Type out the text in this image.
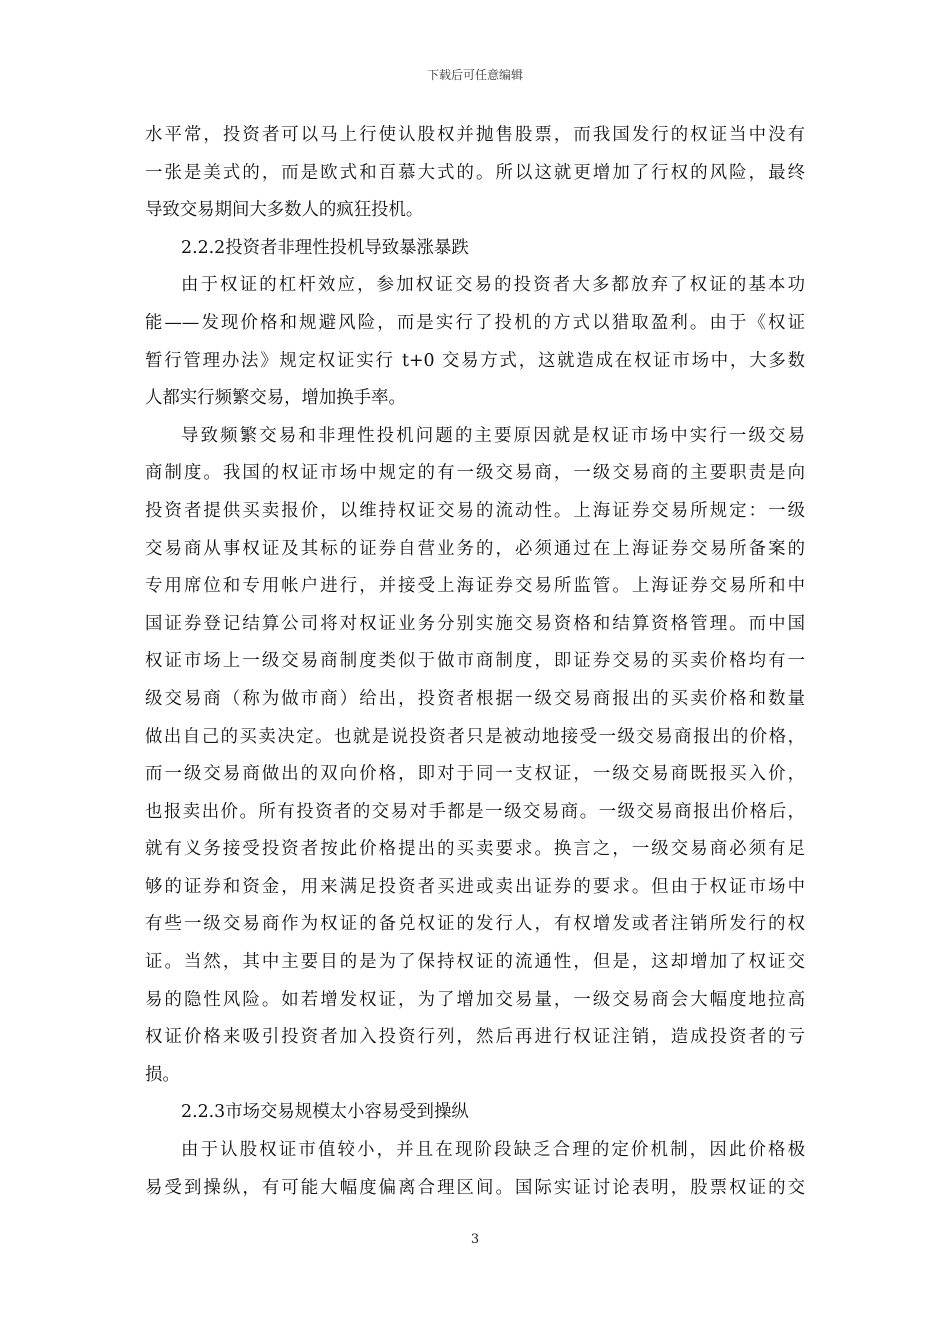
下载后可任意编辑
水平常，投资者可以马上行使认股权并抛售股票，而我国发行的权证当中没有
一张是美式的，而是欧式和百慕大式的。所以这就更增加了行权的风险，最终
导致交易期间大多数人的疯狂投机。
2.2.2投资者非理性投机导致暴涨暴跌
由于权证的杠杆效应，参加权证交易的投资者大多都放弃了权证的基本功
能——发现价格和规避风险，而是实行了投机的方式以猎取盈利。由于《权证
暂行管理办法》规定权证实行 t+0 交易方式，这就造成在权证市场中，大多数
人都实行频繁交易，增加换手率。
导致频繁交易和非理性投机问题的主要原因就是权证市场中实行一级交易
商制度。我国的权证市场中规定的有一级交易商，一级交易商的主要职责是向
投资者提供买卖报价，以维持权证交易的流动性。上海证券交易所规定：一级
交易商从事权证及其标的证券自营业务的，必须通过在上海证券交易所备案的
专用席位和专用帐户进行，并接受上海证券交易所监管。上海证券交易所和中
国证券登记结算公司将对权证业务分别实施交易资格和结算资格管理。而中国
权证市场上一级交易商制度类似于做市商制度，即证券交易的买卖价格均有一
级交易商（称为做市商）给出，投资者根据一级交易商报出的买卖价格和数量
做出自己的买卖决定。也就是说投资者只是被动地接受一级交易商报出的价格，
而一级交易商做出的双向价格，即对于同一支权证，一级交易商既报买入价，
也报卖出价。所有投资者的交易对手都是一级交易商。一级交易商报出价格后，
就有义务接受投资者按此价格提出的买卖要求。换言之，一级交易商必须有足
够的证券和资金，用来满足投资者买进或卖出证券的要求。但由于权证市场中
有些一级交易商作为权证的备兑权证的发行人，有权增发或者注销所发行的权
证。当然，其中主要目的是为了保持权证的流通性，但是，这却增加了权证交
易的隐性风险。如若增发权证，为了增加交易量，一级交易商会大幅度地拉高
权证价格来吸引投资者加入投资行列，然后再进行权证注销，造成投资者的亏
损。
2.2.3市场交易规模太小容易受到操纵
由于认股权证市值较小，并且在现阶段缺乏合理的定价机制，因此价格极
易受到操纵，有可能大幅度偏离合理区间。国际实证讨论表明，股票权证的交
3
